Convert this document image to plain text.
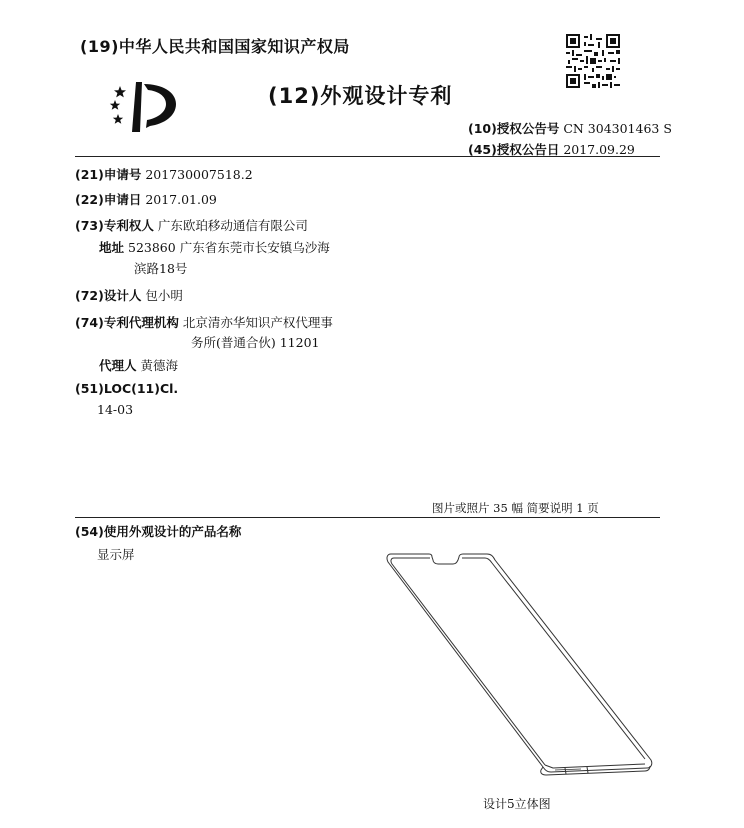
(19)中华人民共和国国家知识产权局
(12)外观设计专利
(10)授权公告号 CN 304301463 S
(45)授权公告日 2017.09.29
(21)申请号 201730007518.2
(22)申请日 2017.01.09
(73)专利权人 广东欧珀移动通信有限公司
地址 523860 广东省东莞市长安镇乌沙海
滨路18号
(72)设计人 包小明
(74)专利代理机构 北京清亦华知识产权代理事
务所(普通合伙) 11201
代理人 黄德海
(51)LOC(11)Cl.
14-03
图片或照片 35 幅 简要说明 1 页
(54)使用外观设计的产品名称
显示屏
设计5立体图
